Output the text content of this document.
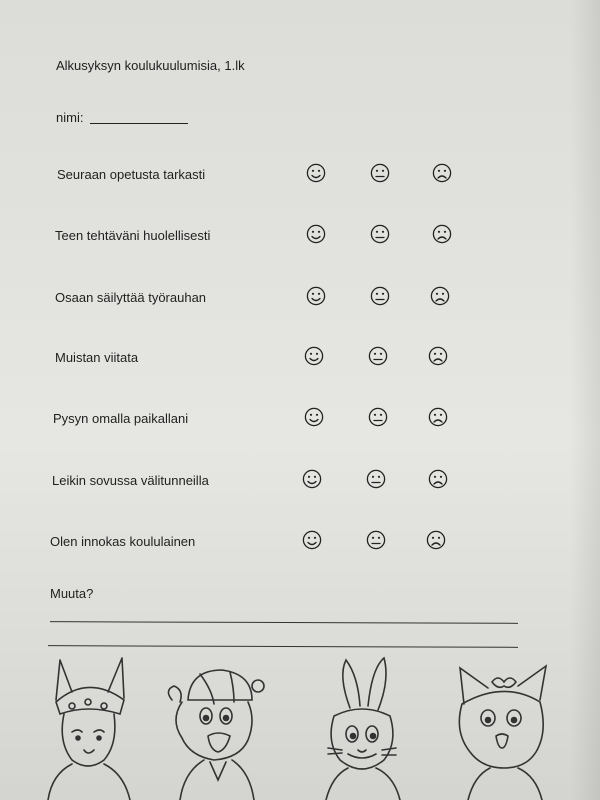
Alkusyksyn koulukuulumisia, 1.lk
nimi:
Seuraan opetusta tarkasti
Teen tehtäväni huolellisesti
Osaan säilyttää työrauhan
Muistan viitata
Pysyn omalla paikallani
Leikin sovussa välitunneilla
Olen innokas koululainen
Muuta?
